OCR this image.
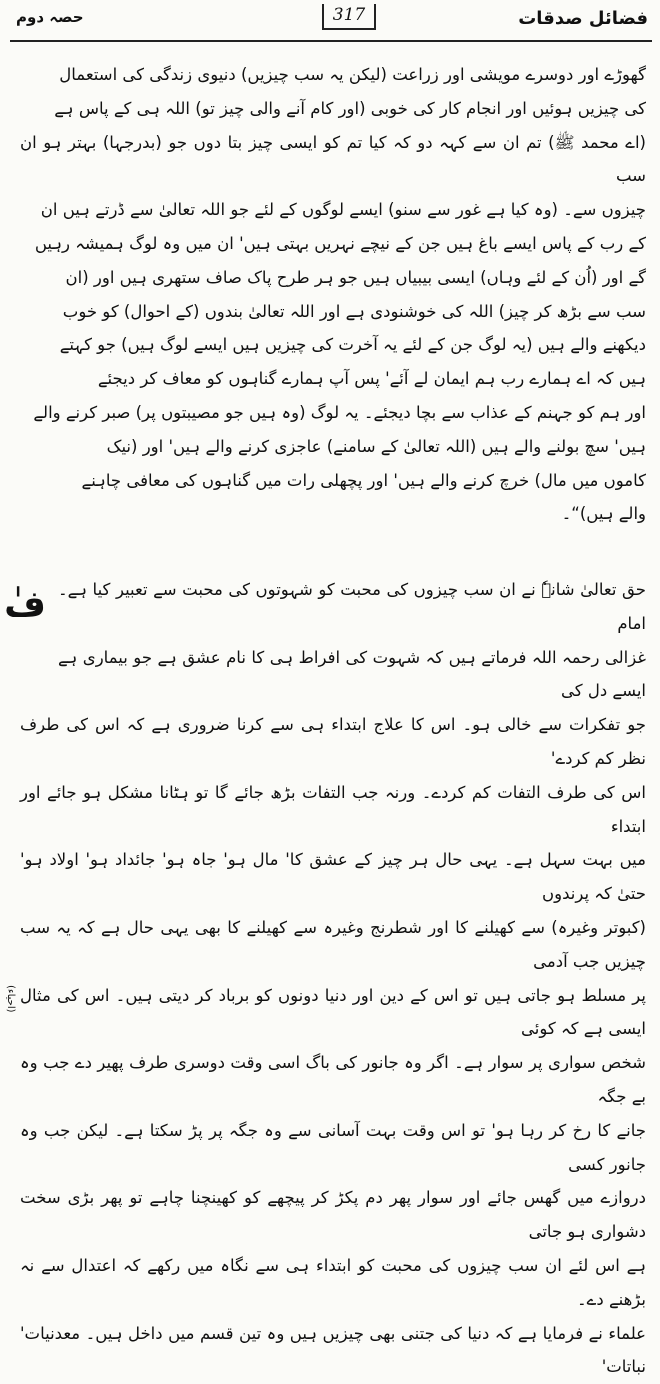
فضائل صدقات
317
حصہ دوم
گھوڑے اور دوسرے مویشی اور زراعت (لیکن یہ سب چیزیں) دنیوی زندگی کی استعمال
کی چیزیں ہوئیں اور انجام کار کی خوبی (اور کام آنے والی چیز تو) اللہ ہی کے پاس ہے
(اے محمد ﷺ) تم ان سے کہہ دو کہ کیا تم کو ایسی چیز بتا دوں جو (بدرجہا) بہتر ہو ان سب
چیزوں سے۔ (وہ کیا ہے غور سے سنو) ایسے لوگوں کے لئے جو اللہ تعالیٰ سے ڈرتے ہیں ان
کے رب کے پاس ایسے باغ ہیں جن کے نیچے نہریں بہتی ہیں' ان میں وہ لوگ ہمیشہ رہیں
گے اور (اُن کے لئے وہاں) ایسی بیبیاں ہیں جو ہر طرح پاک صاف ستھری ہیں اور (ان
سب سے بڑھ کر چیز) اللہ کی خوشنودی ہے اور اللہ تعالیٰ بندوں (کے احوال) کو خوب
دیکھنے والے ہیں (یہ لوگ جن کے لئے یہ آخرت کی چیزیں ہیں ایسے لوگ ہیں) جو کہتے
ہیں کہ اے ہمارے رب ہم ایمان لے آئے' پس آپ ہمارے گناہوں کو معاف کر دیجئے
اور ہم کو جہنم کے عذاب سے بچا دیجئے۔ یہ لوگ (وہ ہیں جو مصیبتوں پر) صبر کرنے والے
ہیں' سچ بولنے والے ہیں (اللہ تعالیٰ کے سامنے) عاجزی کرنے والے ہیں' اور (نیک
کاموں میں مال) خرچ کرنے والے ہیں' اور پچھلی رات میں گناہوں کی معافی چاہنے
والے ہیں)“۔
فٰ حق تعالیٰ شانہٗ نے ان سب چیزوں کی محبت کو شہوتوں کی محبت سے تعبیر کیا ہے۔ امام
غزالی رحمہ اللہ فرماتے ہیں کہ شہوت کی افراط ہی کا نام عشق ہے جو بیماری ہے ایسے دل کی
جو تفکرات سے خالی ہو۔ اس کا علاج ابتداء ہی سے کرنا ضروری ہے کہ اس کی طرف نظر کم کردے'
اس کی طرف التفات کم کردے۔ ورنہ جب التفات بڑھ جائے گا تو ہٹانا مشکل ہو جائے اور ابتداء
میں بہت سہل ہے۔ یہی حال ہر چیز کے عشق کا' مال ہو' جاہ ہو' جائداد ہو' اولاد ہو' حتیٰ کہ پرندوں
(کبوتر وغیرہ) سے کھیلنے کا اور شطرنج وغیرہ سے کھیلنے کا بھی یہی حال ہے کہ یہ سب چیزیں جب آدمی
پر مسلط ہو جاتی ہیں تو اس کے دین اور دنیا دونوں کو برباد کر دیتی ہیں۔ اس کی مثال ایسی ہے کہ کوئی
شخص سواری پر سوار ہے۔ اگر وہ جانور کی باگ اسی وقت دوسری طرف پھیر دے جب وہ بے جگہ
جانے کا رخ کر رہا ہو' تو اس وقت بہت آسانی سے وہ جگہ پر پڑ سکتا ہے۔ لیکن جب وہ جانور کسی
دروازے میں گھس جائے اور سوار پھر دم پکڑ کر پیچھے کو کھینچنا چاہے تو پھر بڑی سخت دشواری ہو جاتی
ہے اس لئے ان سب چیزوں کی محبت کو ابتداء ہی سے نگاہ میں رکھے کہ اعتدال سے نہ بڑھنے دے۔
علماء نے فرمایا ہے کہ دنیا کی جتنی بھی چیزیں ہیں وہ تین قسم میں داخل ہیں۔ معدنیات' نباتات'
(احیاء)
